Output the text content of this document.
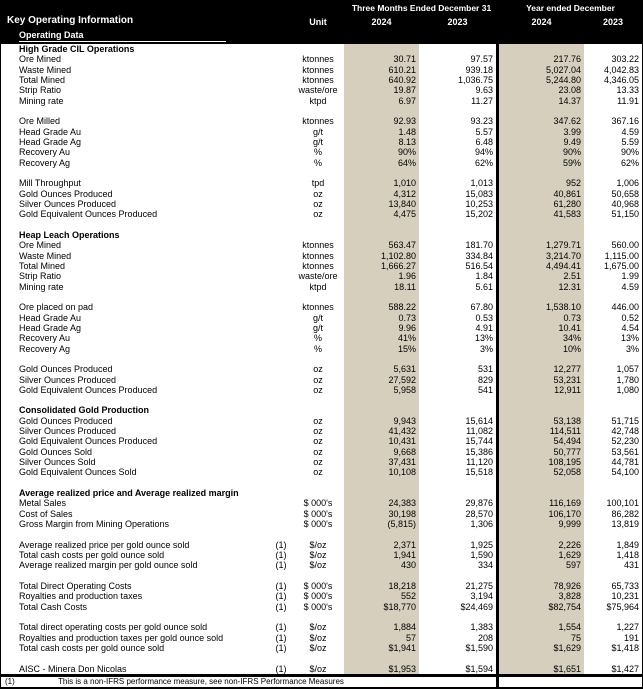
Key Operating Information	Unit
Three Months Ended December 31	Year ended December
2024	2023	2024	2023
Operating Data
High Grade CIL Operations
Ore Mined	ktonnes	30.71	97.57	217.76	303.22
Waste Mined	ktonnes	610.21	939.18	5,027.04	4,042.83
Total Mined	ktonnes	640.92	1,036.75	5,244.80	4,346.05
Strip Ratio	waste/ore	19.87	9.63	23.08	13.33
Mining rate	ktpd	6.97	11.27	14.37	11.91
Ore Milled	ktonnes	92.93	93.23	347.62	367.16
Head Grade Au	g/t	1.48	5.57	3.99	4.59
Head Grade Ag	g/t	8.13	6.48	9.49	5.59
Recovery Au	%	90%	94%	90%	90%
Recovery Ag	%	64%	62%	59%	62%
Mill Throughput	tpd	1,010	1,013	952	1,006
Gold Ounces Produced	oz	4,312	15,083	40,861	50,658
Silver Ounces Produced	oz	13,840	10,253	61,280	40,968
Gold Equivalent Ounces Produced	oz	4,475	15,202	41,583	51,150
Heap Leach Operations
Ore Mined	ktonnes	563.47	181.70	1,279.71	560.00
Waste Mined	ktonnes	1,102.80	334.84	3,214.70	1,115.00
Total Mined	ktonnes	1,666.27	516.54	4,494.41	1,675.00
Strip Ratio	waste/ore	1.96	1.84	2.51	1.99
Mining rate	ktpd	18.11	5.61	12.31	4.59
Ore placed on pad	ktonnes	588.22	67.80	1,538.10	446.00
Head Grade Au	g/t	0.73	0.53	0.73	0.52
Head Grade Ag	g/t	9.96	4.91	10.41	4.54
Recovery Au	%	41%	13%	34%	13%
Recovery Ag	%	15%	3%	10%	3%
Gold Ounces Produced	oz	5,631	531	12,277	1,057
Silver Ounces Produced	oz	27,592	829	53,231	1,780
Gold Equivalent Ounces Produced	oz	5,958	541	12,911	1,080
Consolidated Gold Production
Gold Ounces Produced	oz	9,943	15,614	53,138	51,715
Silver Ounces Produced	oz	41,432	11,082	114,511	42,748
Gold Equivalent Ounces Produced	oz	10,431	15,744	54,494	52,230
Gold Ounces Sold	oz	9,668	15,386	50,777	53,561
Silver Ounces Sold	oz	37,431	11,120	108,195	44,781
Gold Equivalent Ounces Sold	oz	10,108	15,518	52,058	54,100
Average realized price and Average realized margin
Metal Sales	$ 000's	24,383	29,876	116,169	100,101
Cost of Sales	$ 000's	30,198	28,570	106,170	86,282
Gross Margin from Mining Operations	$ 000's	(5,815)	1,306	9,999	13,819
Average realized price per gold ounce sold	(1)	$/oz	2,371	1,925	2,226	1,849
Total cash costs per gold ounce sold	(1)	$/oz	1,941	1,590	1,629	1,418
Average realized margin per gold ounce sold	(1)	$/oz	430	334	597	431
Total Direct Operating Costs	(1)	$ 000's	18,218	21,275	78,926	65,733
Royalties and production taxes	(1)	$ 000's	552	3,194	3,828	10,231
Total Cash Costs	(1)	$ 000's	$18,770	$24,469	$82,754	$75,964
Total direct operating costs per gold ounce sold	(1)	$/oz	1,884	1,383	1,554	1,227
Royalties and production taxes per gold ounce sold	(1)	$/oz	57	208	75	191
Total cash costs per gold ounce sold	(1)	$/oz	$1,941	$1,590	$1,629	$1,418
AISC - Minera Don Nicolas	(1)	$/oz	$1,953	$1,594	$1,651	$1,427
(1)	This is a non-IFRS performance measure, see non-IFRS Performance Measures
